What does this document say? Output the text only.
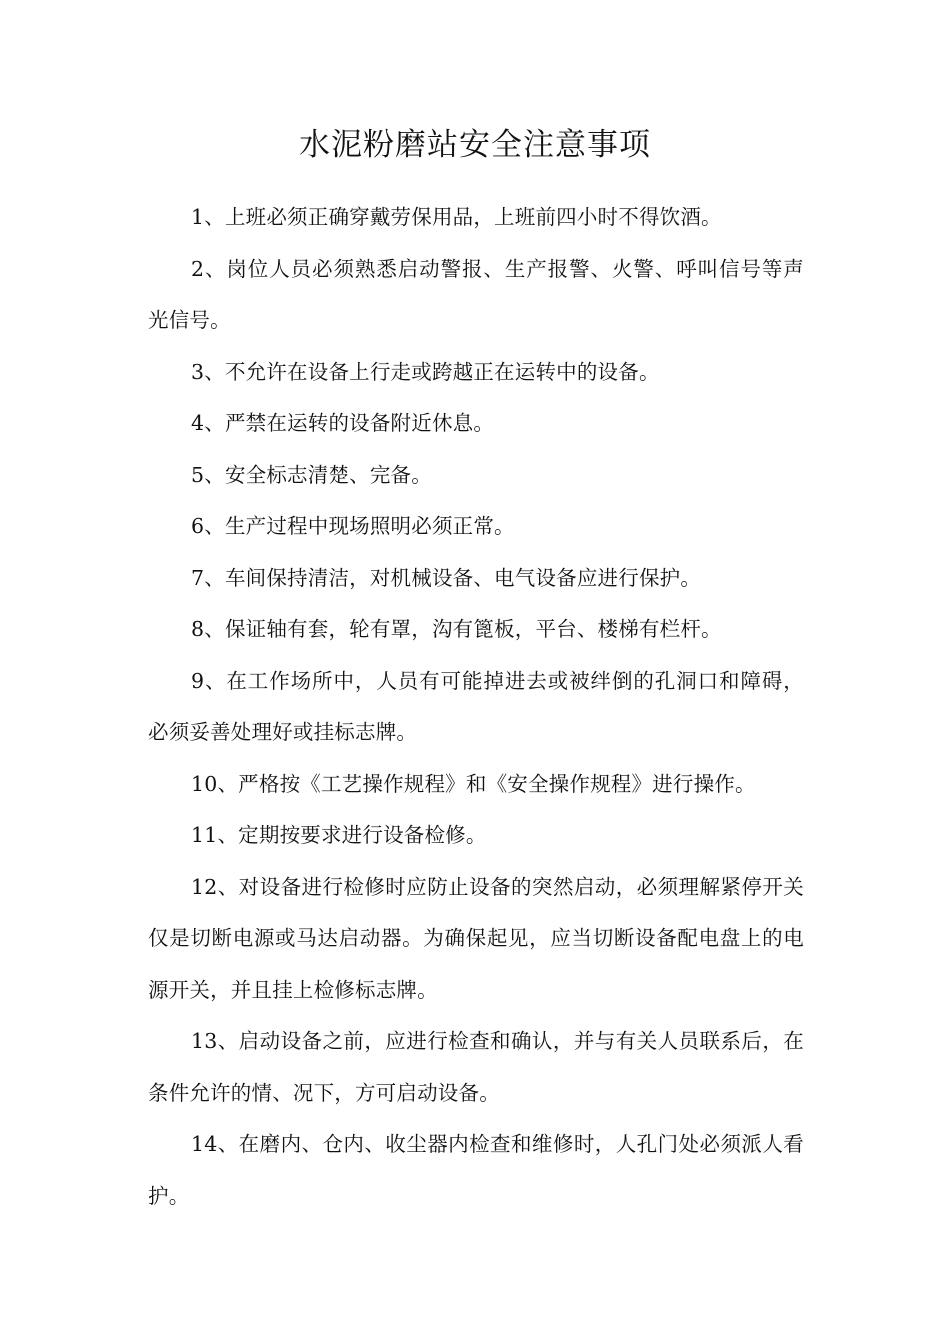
水泥粉磨站安全注意事项

1、上班必须正确穿戴劳保用品，上班前四小时不得饮酒。

2、岗位人员必须熟悉启动警报、生产报警、火警、呼叫信号等声光信号。

3、不允许在设备上行走或跨越正在运转中的设备。

4、严禁在运转的设备附近休息。

5、安全标志清楚、完备。

6、生产过程中现场照明必须正常。

7、车间保持清洁，对机械设备、电气设备应进行保护。

8、保证轴有套，轮有罩，沟有篦板，平台、楼梯有栏杆。

9、在工作场所中，人员有可能掉进去或被绊倒的孔洞口和障碍，必须妥善处理好或挂标志牌。

10、严格按《工艺操作规程》和《安全操作规程》进行操作。

11、定期按要求进行设备检修。

12、对设备进行检修时应防止设备的突然启动，必须理解紧停开关仅是切断电源或马达启动器。为确保起见，应当切断设备配电盘上的电源开关，并且挂上检修标志牌。

13、启动设备之前，应进行检查和确认，并与有关人员联系后，在条件允许的情、况下，方可启动设备。

14、在磨内、仓内、收尘器内检查和维修时，人孔门处必须派人看护。
